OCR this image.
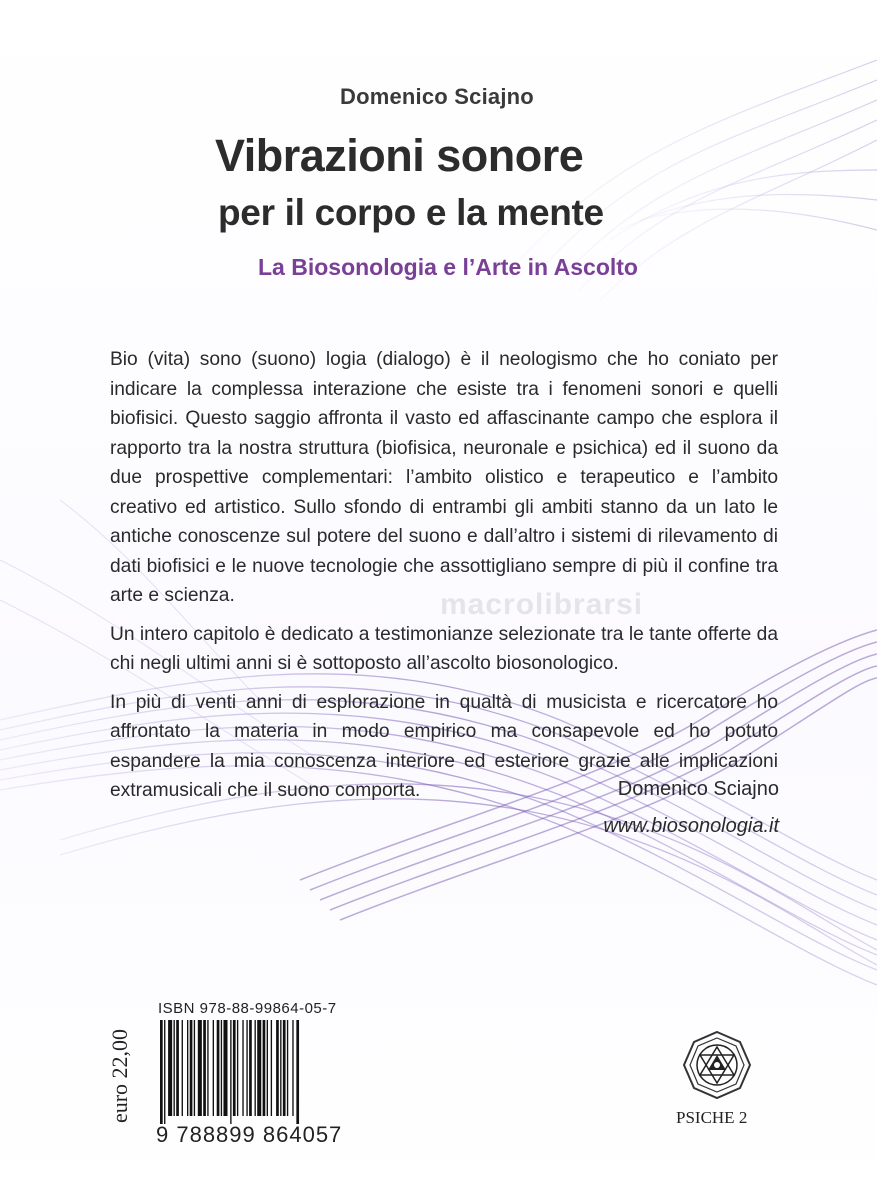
Domenico Sciajno
Vibrazioni sonore
per il corpo e la mente
La Biosonologia e l’Arte in Ascolto
macrolibrarsi

Bio (vita) sono (suono) logia (dialogo) è il neologismo che ho coniato per indicare la complessa interazione che esiste tra i fenomeni sonori e quelli biofisici. Questo saggio affronta il vasto ed affascinante campo che esplora il rapporto tra la nostra struttura (biofisica, neuronale e psichica) ed il suono da due prospettive complementari: l’ambito olistico e terapeutico e l’ambito creativo ed artistico. Sullo sfondo di entrambi gli ambiti stanno da un lato le antiche conoscenze sul potere del suono e dall’altro i sistemi di rilevamento di dati biofisici e le nuove tecnologie che assottigliano sempre di più il confine tra arte e scienza.

Un intero capitolo è dedicato a testimonianze selezionate tra le tante offerte da chi negli ultimi anni si è sottoposto all’ascolto biosonologico.

In più di venti anni di esplorazione in qualtà di musicista e ricercatore ho affrontato la materia in modo empirico ma consapevole ed ho potuto espandere la mia conoscenza interiore ed esteriore grazie alle implicazioni extramusicali che il suono comporta.	Domenico Sciajno
www.biosonologia.it
euro 22,00
ISBN 978-88-99864-05-7
9 788899 864057
PSICHE 2
